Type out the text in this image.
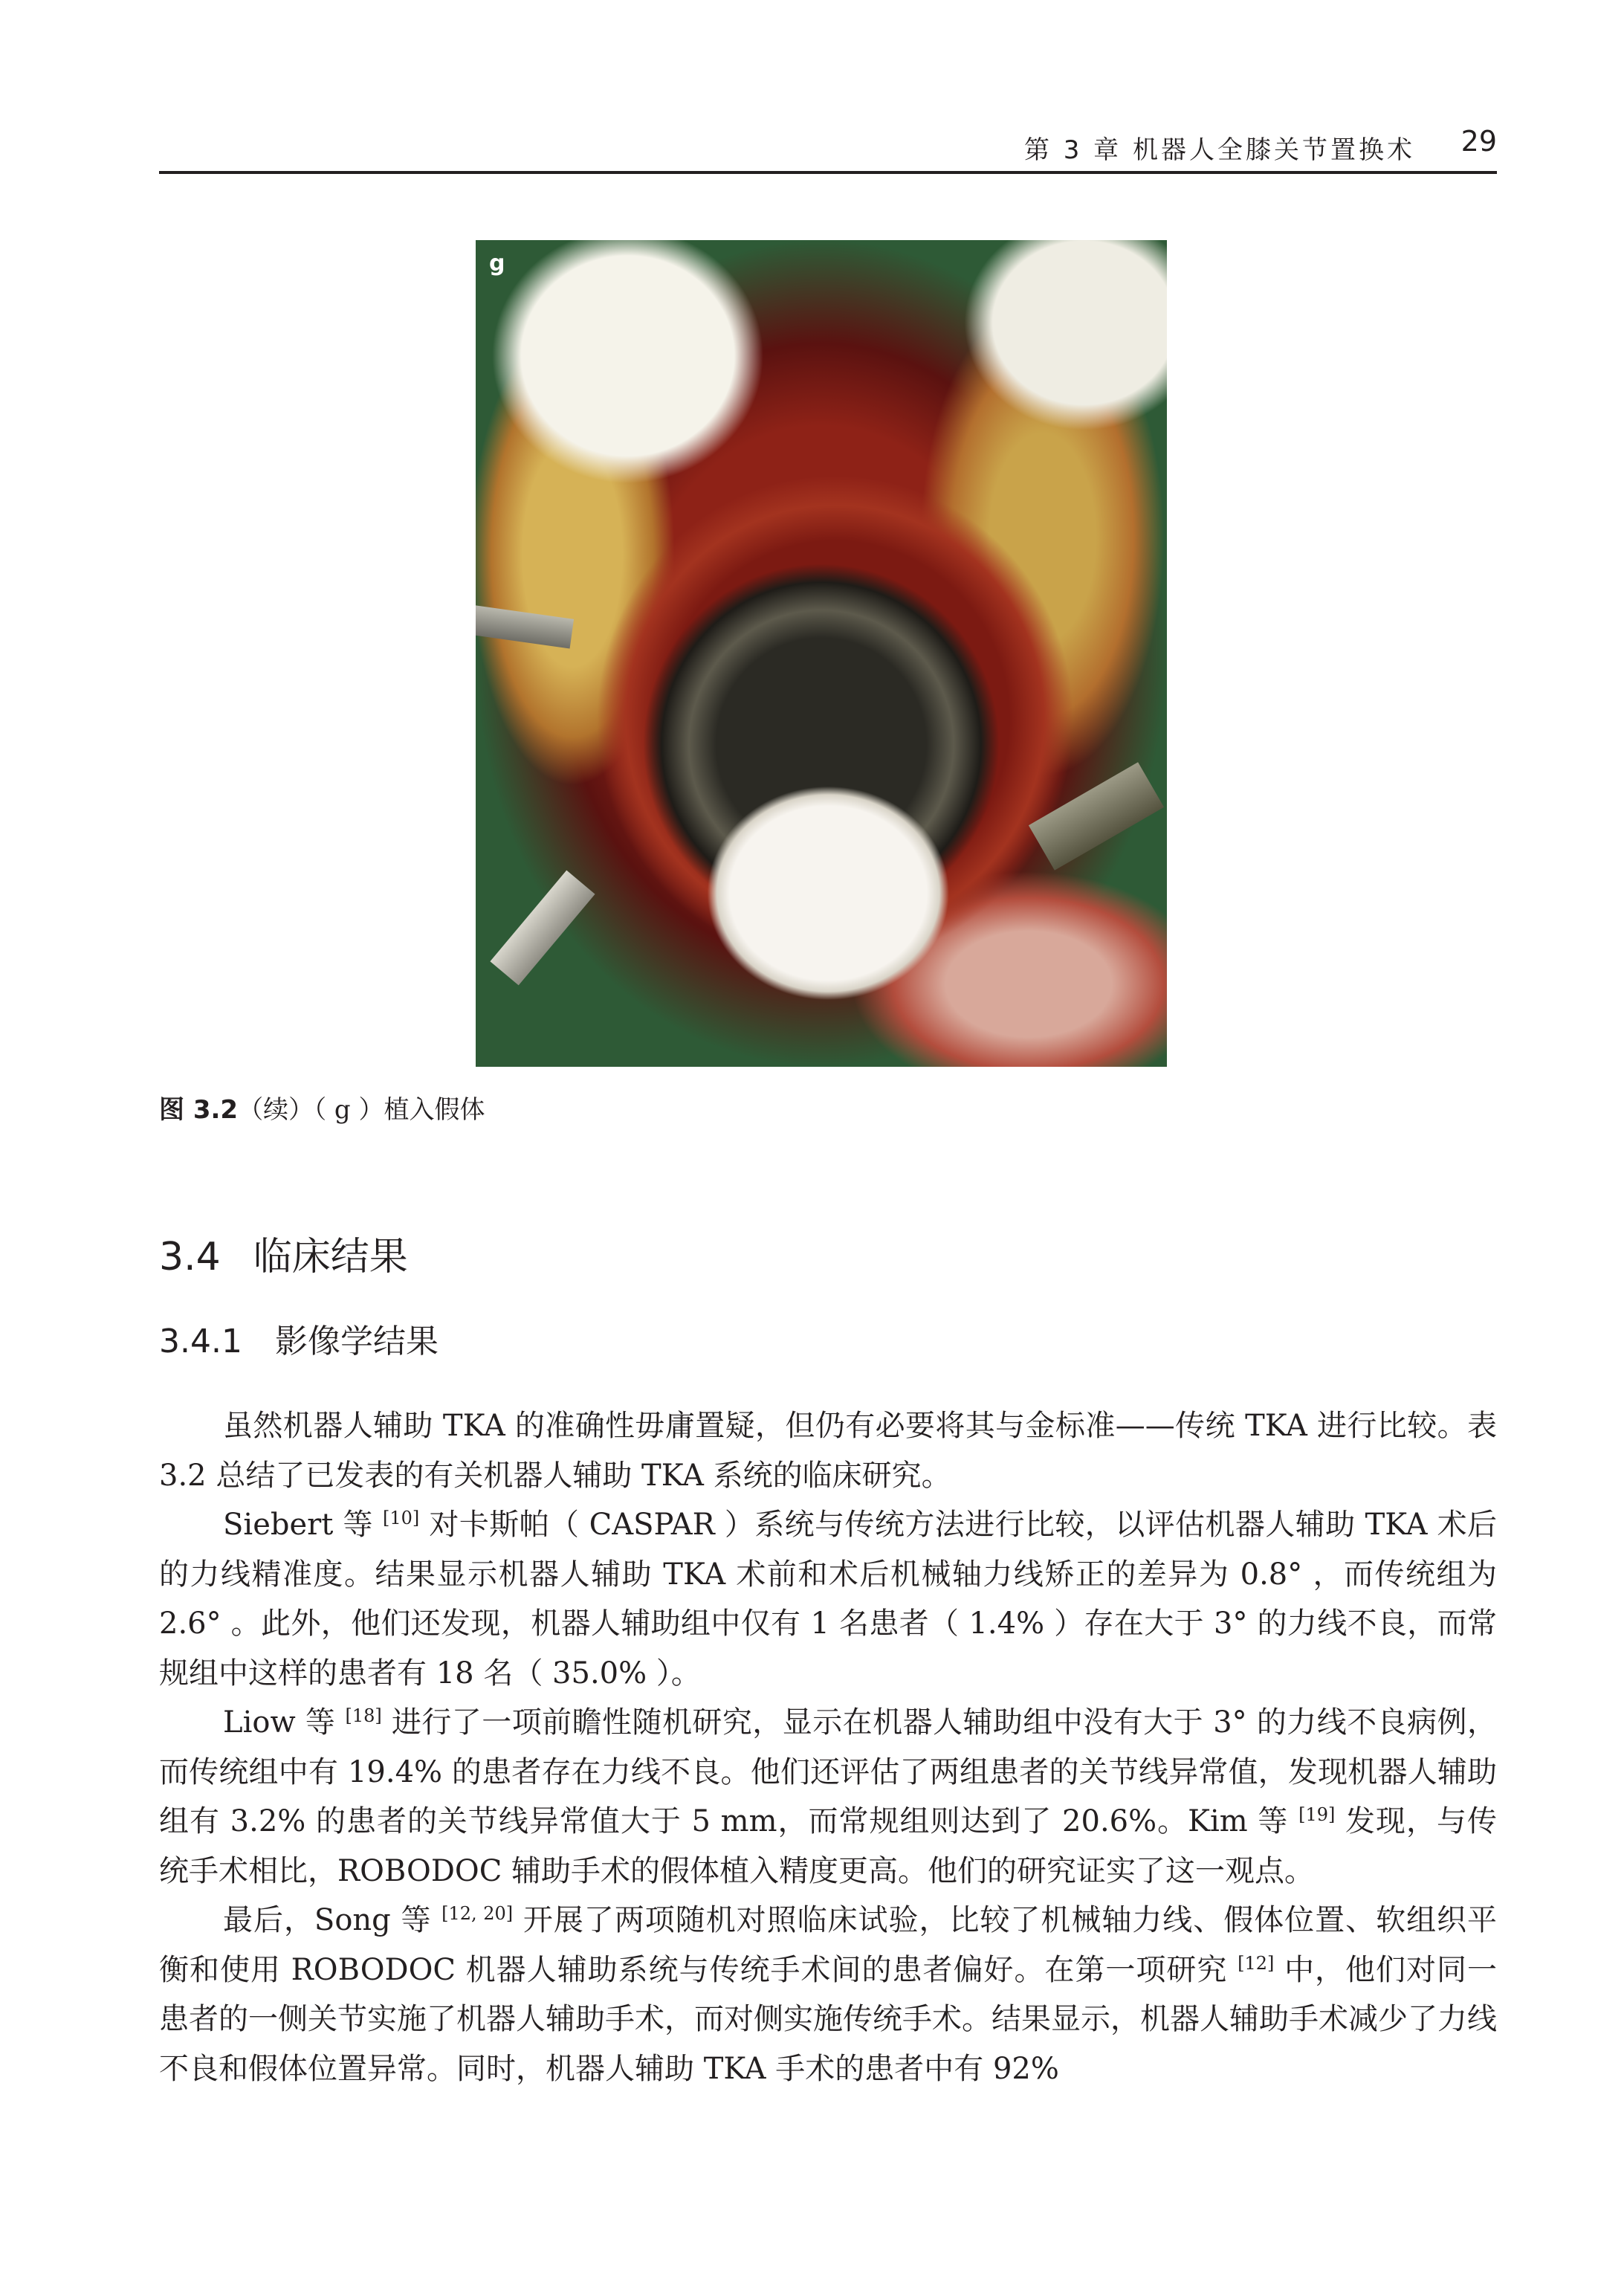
第 3 章 机器人全膝关节置换术 29
g
图 3.2（续）（ g ）植入假体
3.4 临床结果
3.4.1 影像学结果

虽然机器人辅助 TKA 的准确性毋庸置疑，但仍有必要将其与金标准——传统 TKA 进行比较。表 3.2 总结了已发表的有关机器人辅助 TKA 系统的临床研究。

Siebert 等 [10] 对卡斯帕（ CASPAR ）系统与传统方法进行比较，以评估机器人辅助 TKA 术后的力线精准度。结果显示机器人辅助 TKA 术前和术后机械轴力线矫正的差异为 0.8° ，而传统组为 2.6° 。此外，他们还发现，机器人辅助组中仅有 1 名患者（ 1.4% ）存在大于 3° 的力线不良，而常规组中这样的患者有 18 名（ 35.0% ）。

Liow 等 [18] 进行了一项前瞻性随机研究，显示在机器人辅助组中没有大于 3° 的力线不良病例，而传统组中有 19.4% 的患者存在力线不良。他们还评估了两组患者的关节线异常值，发现机器人辅助组有 3.2% 的患者的关节线异常值大于 5 mm，而常规组则达到了 20.6%。Kim 等 [19] 发现，与传统手术相比，ROBODOC 辅助手术的假体植入精度更高。他们的研究证实了这一观点。

最后，Song 等 [12, 20] 开展了两项随机对照临床试验，比较了机械轴力线、假体位置、软组织平衡和使用 ROBODOC 机器人辅助系统与传统手术间的患者偏好。在第一项研究 [12] 中，他们对同一患者的一侧关节实施了机器人辅助手术，而对侧实施传统手术。结果显示，机器人辅助手术减少了力线不良和假体位置异常。同时，机器人辅助 TKA 手术的患者中有 92%
